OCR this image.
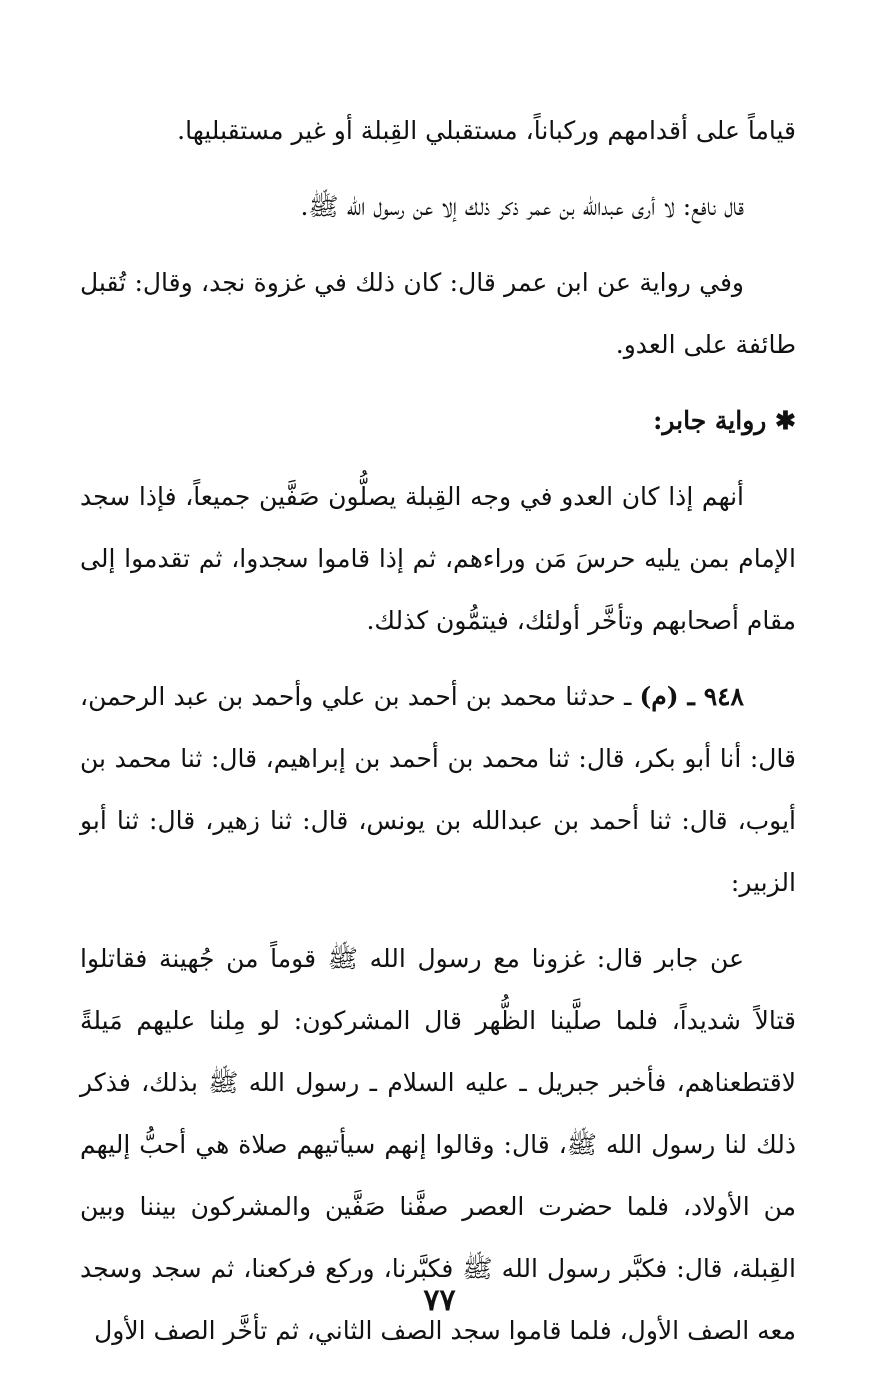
قياماً على أقدامهم وركباناً، مستقبلي القِبلة أو غير مستقبليها.

قال نافع: لا أرى عبدالله بن عمر ذكر ذلك إلا عن رسول الله ﷺ.

وفي رواية عن ابن عمر قال: كان ذلك في غزوة نجد، وقال: تُقبل طائفة على العدو.

✱ رواية جابر:

أنهم إذا كان العدو في وجه القِبلة يصلُّون صَفَّين جميعاً، فإذا سجد الإمام بمن يليه حرسَ مَن وراءهم، ثم إذا قاموا سجدوا، ثم تقدموا إلى مقام أصحابهم وتأخَّر أولئك، فيتمُّون كذلك.

٩٤٨ ـ (م) ـ حدثنا محمد بن أحمد بن علي وأحمد بن عبد الرحمن، قال: أنا أبو بكر، قال: ثنا محمد بن أحمد بن إبراهيم، قال: ثنا محمد بن أيوب، قال: ثنا أحمد بن عبدالله بن يونس، قال: ثنا زهير، قال: ثنا أبو الزبير:

عن جابر قال: غزونا مع رسول الله ﷺ قوماً من جُهينة فقاتلوا قتالاً شديداً، فلما صلَّينا الظُّهر قال المشركون: لو مِلنا عليهم مَيلةً لاقتطعناهم، فأخبر جبريل ـ عليه السلام ـ رسول الله ﷺ بذلك، فذكر ذلك لنا رسول الله ﷺ، قال: وقالوا إنهم سيأتيهم صلاة هي أحبُّ إليهم من الأولاد، فلما حضرت العصر صفَّنا صَفَّين والمشركون بيننا وبين القِبلة، قال: فكبَّر رسول الله ﷺ فكبَّرنا، وركع فركعنا، ثم سجد وسجد معه الصف الأول، فلما قاموا سجد الصف الثاني، ثم تأخَّر الصف الأول

٧٧
